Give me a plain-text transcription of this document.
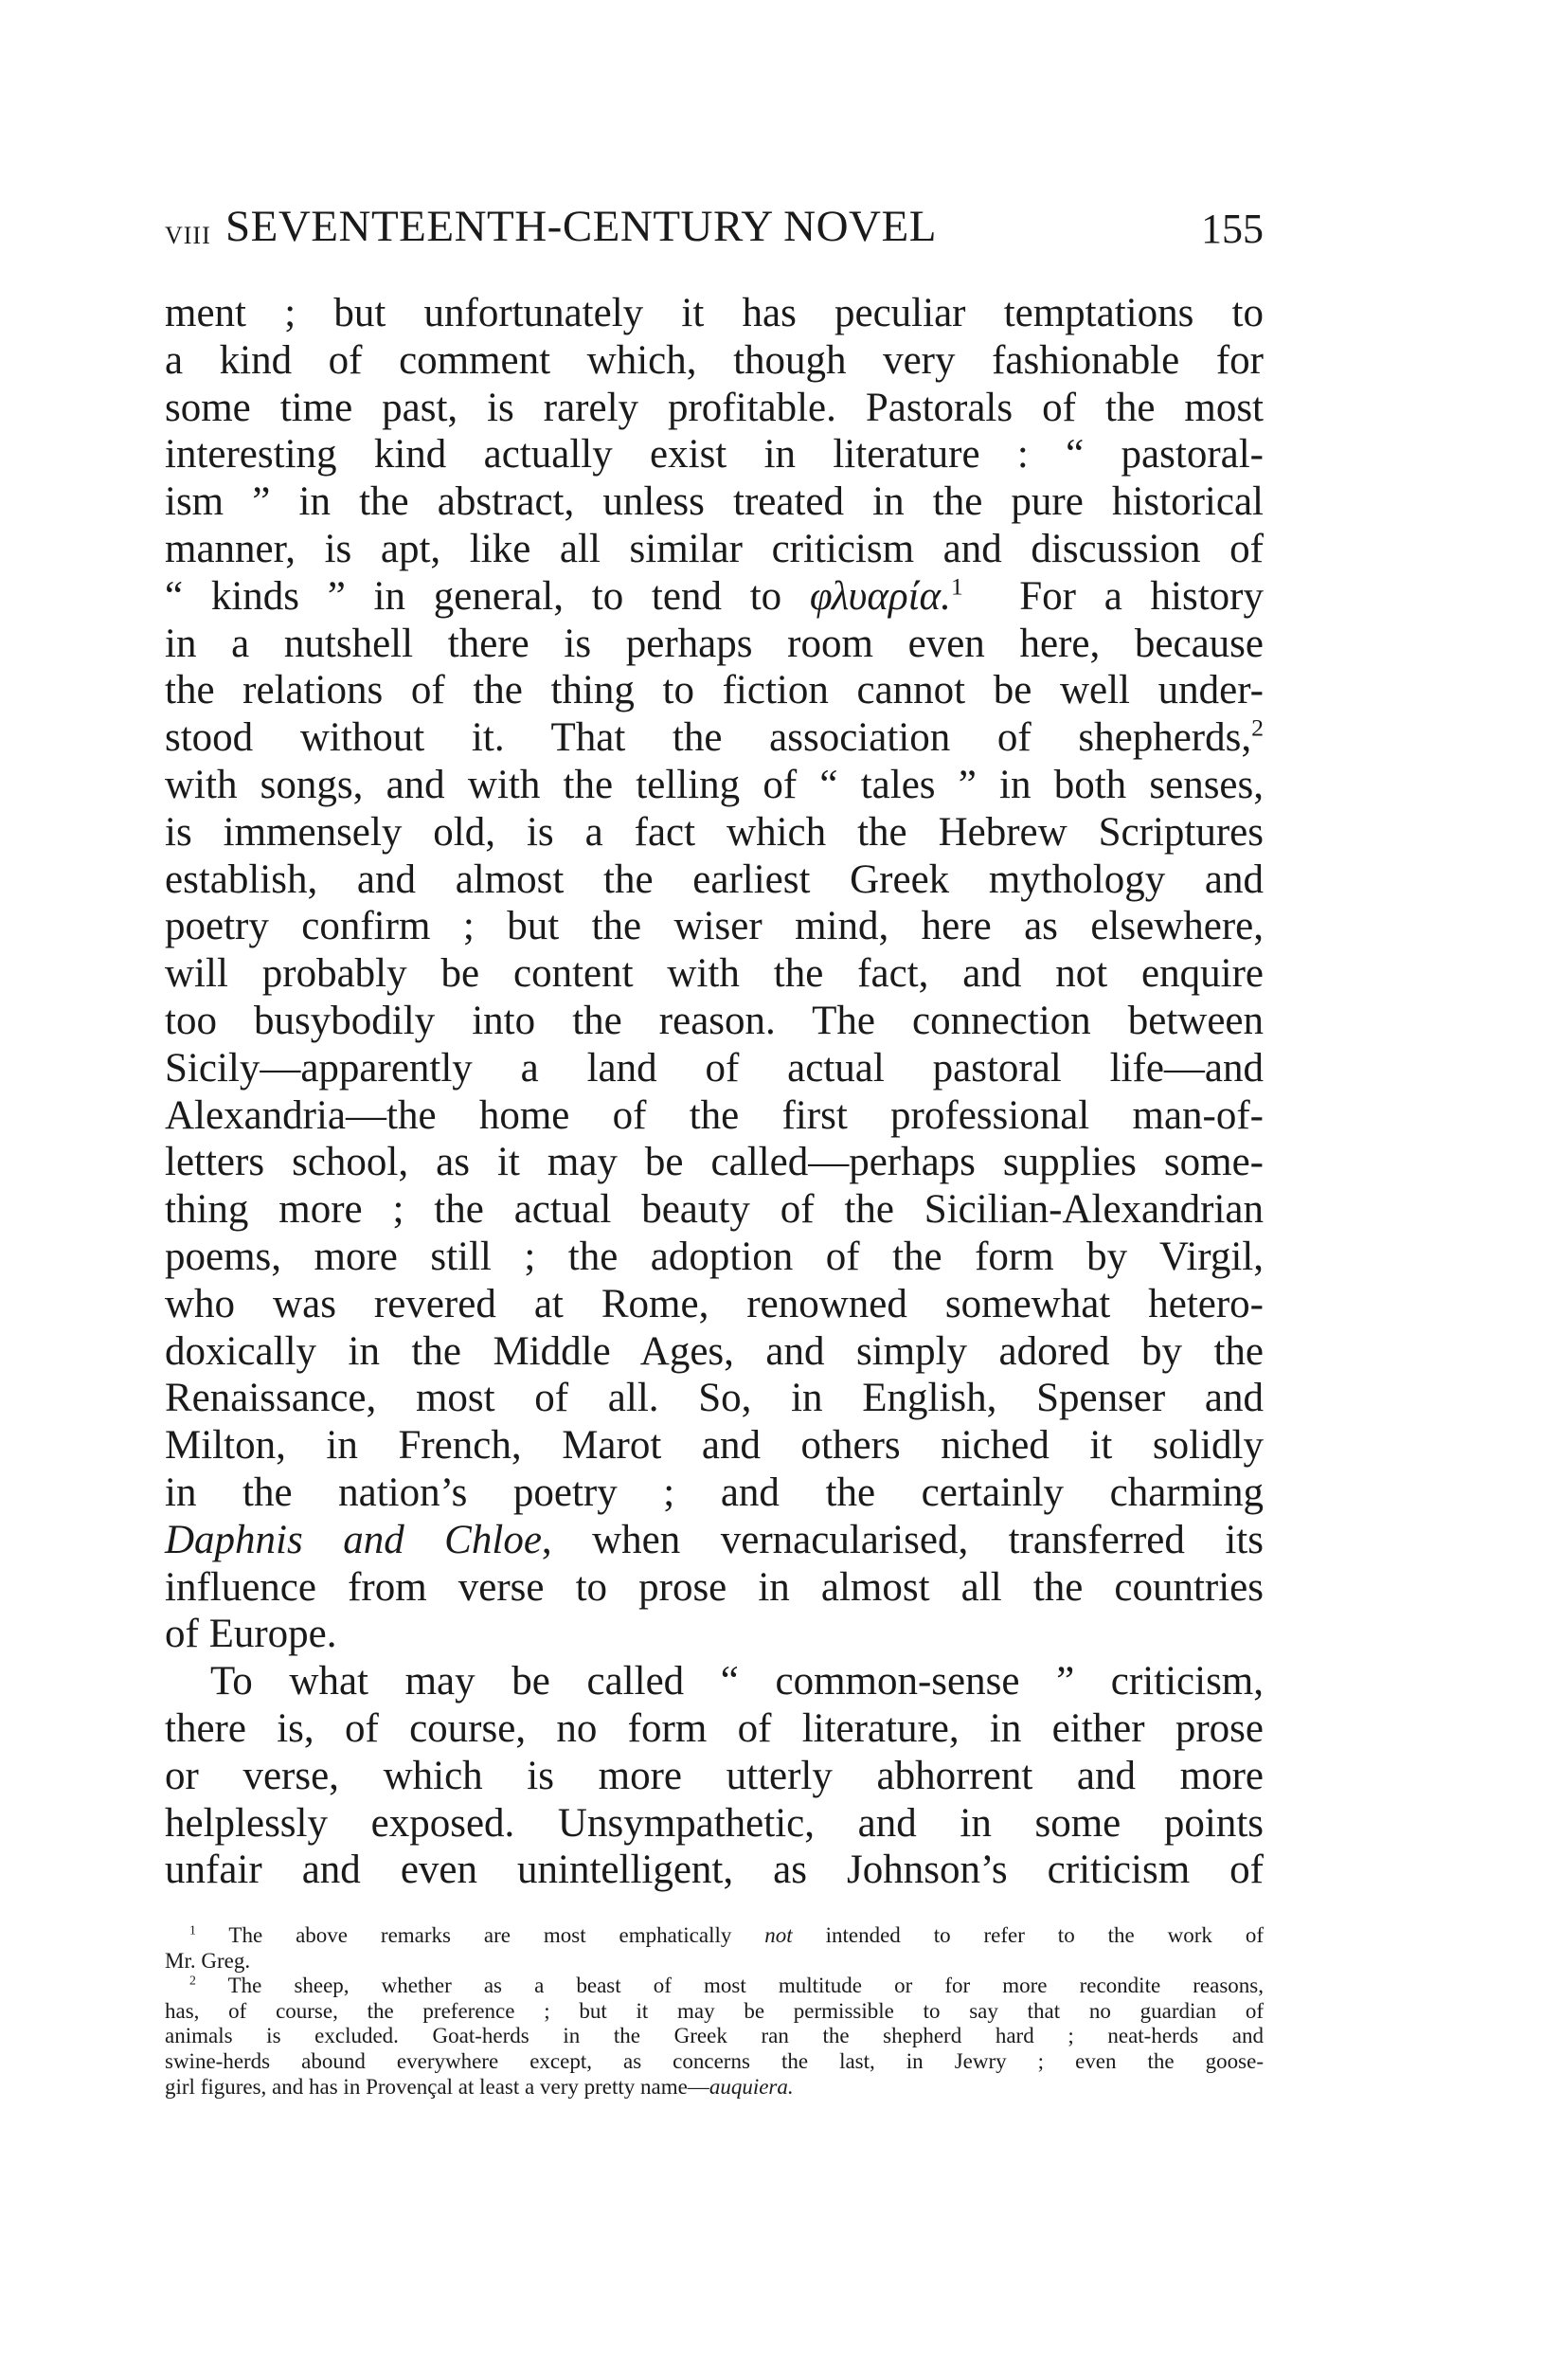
VIII SEVENTEENTH-CENTURY NOVEL	155
ment ; but unfortunately it has peculiar temptations to
a kind of comment which, though very fashionable for
some time past, is rarely profitable. Pastorals of the most
interesting kind actually exist in literature : “ pastoral-
ism ” in the abstract, unless treated in the pure historical
manner, is apt, like all similar criticism and discussion of
“ kinds ” in general, to tend to φλυαρία.$^1$  For a history
in a nutshell there is perhaps room even here, because
the relations of the thing to fiction cannot be well under-
stood without it. That the association of shepherds,$^2$
with songs, and with the telling of “ tales ” in both senses,
is immensely old, is a fact which the Hebrew Scriptures
establish, and almost the earliest Greek mythology and
poetry confirm ; but the wiser mind, here as elsewhere,
will probably be content with the fact, and not enquire
too busybodily into the reason. The connection between
Sicily—apparently a land of actual pastoral life—and
Alexandria—the home of the first professional man-of-
letters school, as it may be called—perhaps supplies some-
thing more ; the actual beauty of the Sicilian-Alexandrian
poems, more still ; the adoption of the form by Virgil,
who was revered at Rome, renowned somewhat hetero-
doxically in the Middle Ages, and simply adored by the
Renaissance, most of all. So, in English, Spenser and
Milton, in French, Marot and others niched it solidly
in the nation’s poetry ; and the certainly charming
Daphnis and Chloe, when vernacularised, transferred its
influence from verse to prose in almost all the countries
of Europe.
To what may be called “ common-sense ” criticism,
there is, of course, no form of literature, in either prose
or verse, which is more utterly abhorrent and more
helplessly exposed. Unsympathetic, and in some points
unfair and even unintelligent, as Johnson’s criticism of
$^1$ The above remarks are most emphatically not intended to refer to the work of
Mr. Greg.
$^2$ The sheep, whether as a beast of most multitude or for more recondite reasons,
has, of course, the preference ; but it may be permissible to say that no guardian of
animals is excluded. Goat-herds in the Greek ran the shepherd hard ; neat-herds and
swine-herds abound everywhere except, as concerns the last, in Jewry ; even the goose-
girl figures, and has in Provençal at least a very pretty name—auquiera.
